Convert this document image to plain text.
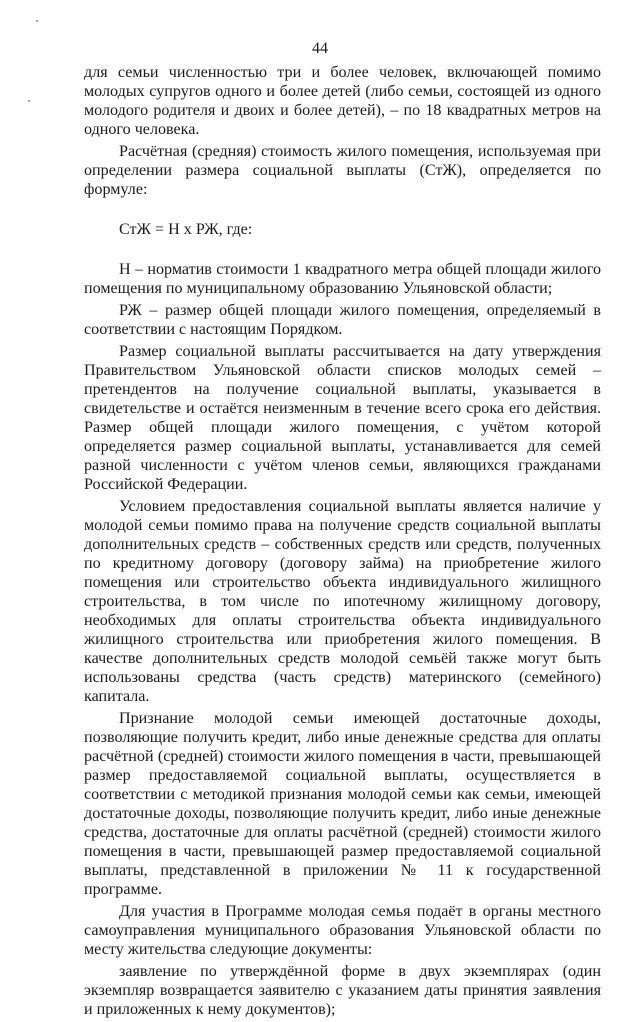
44

для семьи численностью три и более человек, включающей помимо молодых супругов одного и более детей (либо семьи, состоящей из одного молодого родителя и двоих и более детей), – по 18 квадратных метров на одного человека.

Расчётная (средняя) стоимость жилого помещения, используемая при определении размера социальной выплаты (СтЖ), определяется по формуле:

СтЖ = Н х РЖ, где:

Н – норматив стоимости 1 квадратного метра общей площади жилого помещения по муниципальному образованию Ульяновской области;

РЖ – размер общей площади жилого помещения, определяемый в соответствии с настоящим Порядком.

Размер социальной выплаты рассчитывается на дату утверждения Правительством Ульяновской области списков молодых семей – претендентов на получение социальной выплаты, указывается в свидетельстве и остаётся неизменным в течение всего срока его действия. Размер общей площади жилого помещения, с учётом которой определяется размер социальной выплаты, устанавливается для семей разной численности с учётом членов семьи, являющихся гражданами Российской Федерации.

Условием предоставления социальной выплаты является наличие у молодой семьи помимо права на получение средств социальной выплаты дополнительных средств – собственных средств или средств, полученных по кредитному договору (договору займа) на приобретение жилого помещения или строительство объекта индивидуального жилищного строительства, в том числе по ипотечному жилищному договору, необходимых для оплаты строительства объекта индивидуального жилищного строительства или приобретения жилого помещения. В качестве дополнительных средств молодой семьёй также могут быть использованы средства (часть средств) материнского (семейного) капитала.

Признание молодой семьи имеющей достаточные доходы, позволяющие получить кредит, либо иные денежные средства для оплаты расчётной (средней) стоимости жилого помещения в части, превышающей размер предоставляемой социальной выплаты, осуществляется в соответствии с методикой признания молодой семьи как семьи, имеющей достаточные доходы, позволяющие получить кредит, либо иные денежные средства, достаточные для оплаты расчётной (средней) стоимости жилого помещения в части, превышающей размер предоставляемой социальной выплаты, представленной в приложении № 11 к государственной программе.

Для участия в Программе молодая семья подаёт в органы местного самоуправления муниципального образования Ульяновской области по месту жительства следующие документы:

заявление по утверждённой форме в двух экземплярах (один экземпляр возвращается заявителю с указанием даты принятия заявления и приложенных к нему документов);
